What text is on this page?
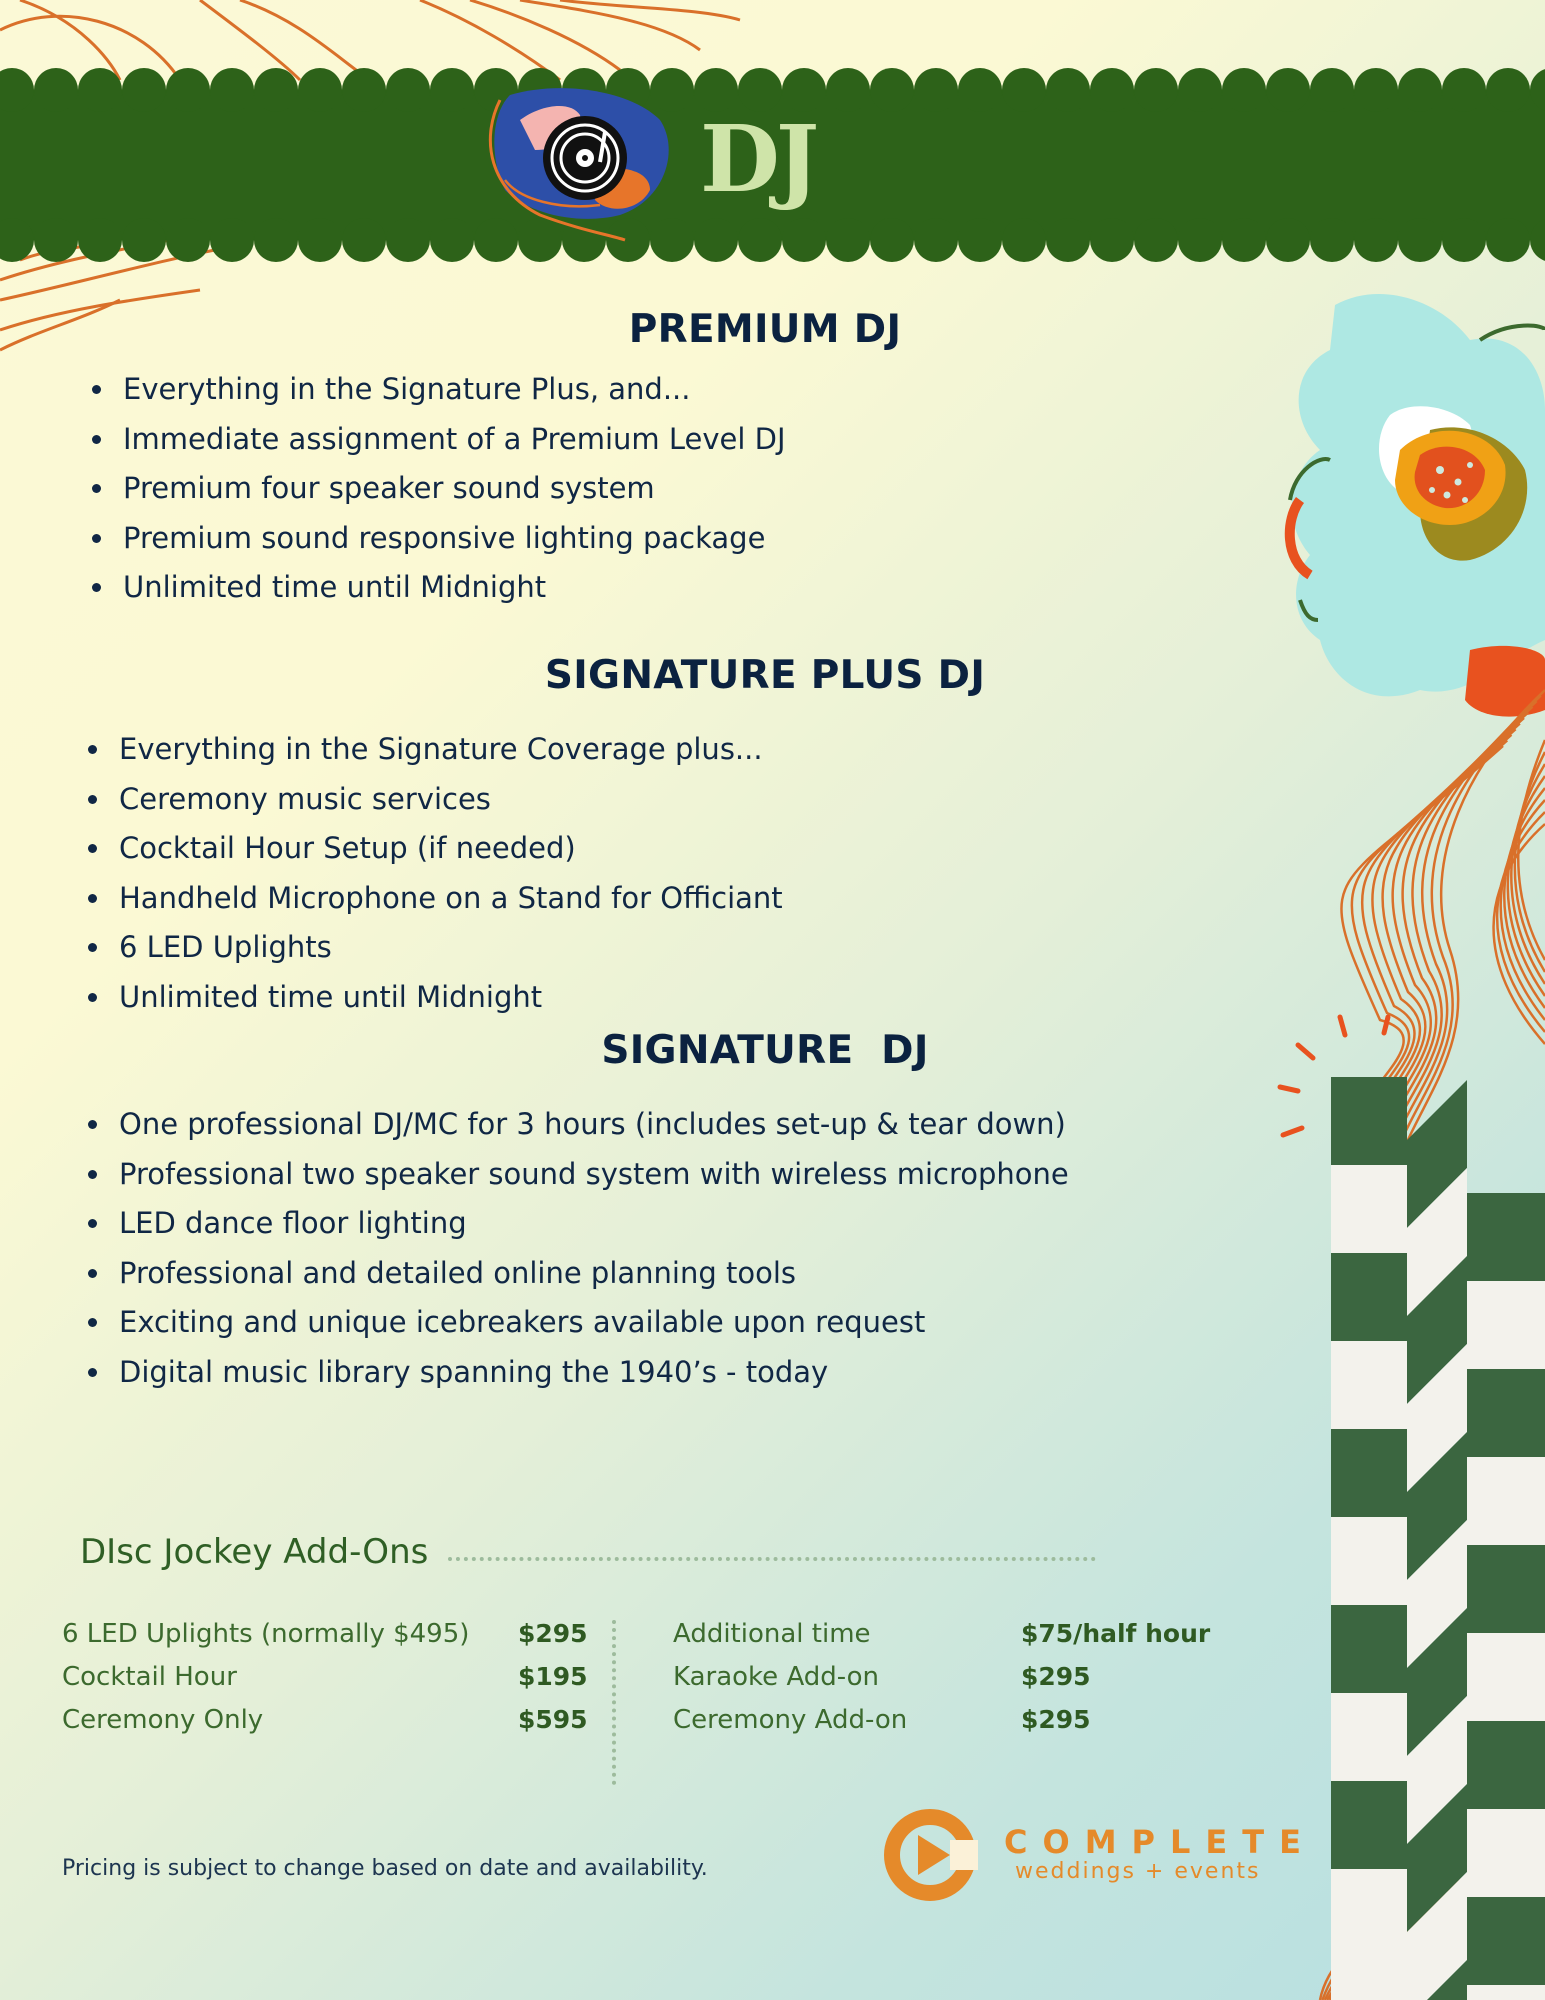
DJ
PREMIUM DJ
• Everything in the Signature Plus, and...
• Immediate assignment of a Premium Level DJ
• Premium four speaker sound system
• Premium sound responsive lighting package
• Unlimited time until Midnight
SIGNATURE PLUS DJ
• Everything in the Signature Coverage plus...
• Ceremony music services
• Cocktail Hour Setup (if needed)
• Handheld Microphone on a Stand for Officiant
• 6 LED Uplights
• Unlimited time until Midnight
SIGNATURE  DJ
• One professional DJ/MC for 3 hours (includes set-up & tear down)
• Professional two speaker sound system with wireless microphone
• LED dance floor lighting
• Professional and detailed online planning tools
• Exciting and unique icebreakers available upon request
• Digital music library spanning the 1940’s - today
DIsc Jockey Add-Ons
6 LED Uplights (normally $495) $295
Cocktail Hour	$195
Ceremony Only	$595
Additional time	$75/half hour
Karaoke Add-on	$295
Ceremony Add-on	$295
Pricing is subject to change based on date and availability.
COMPLETE
weddings + events
